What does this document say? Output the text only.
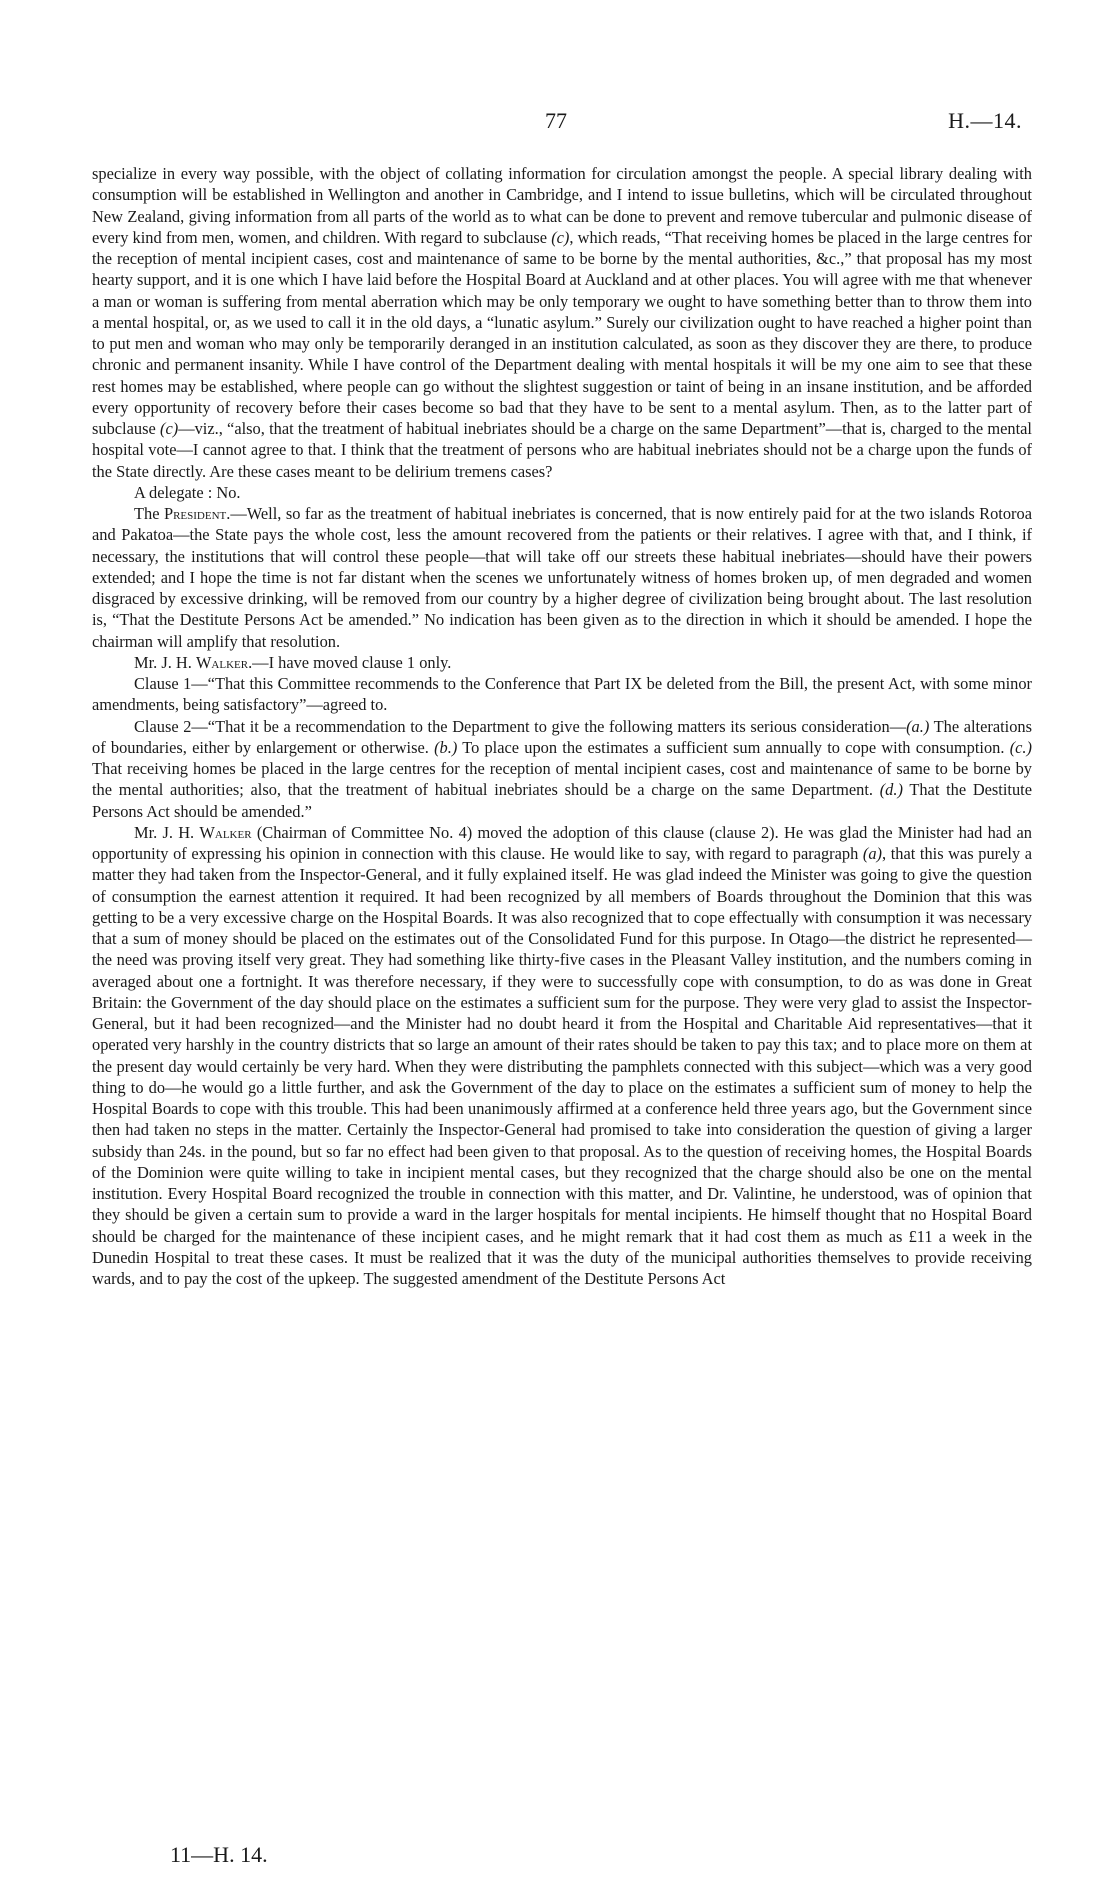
77	H.—14.

specialize in every way possible, with the object of collating information for circulation amongst the people. A special library dealing with consumption will be established in Wellington and another in Cambridge, and I intend to issue bulletins, which will be circulated throughout New Zealand, giving information from all parts of the world as to what can be done to prevent and remove tubercular and pulmonic disease of every kind from men, women, and children. With regard to subclause (c), which reads, “That receiving homes be placed in the large centres for the reception of mental incipient cases, cost and maintenance of same to be borne by the mental authorities, &c.,” that proposal has my most hearty support, and it is one which I have laid before the Hospital Board at Auckland and at other places. You will agree with me that whenever a man or woman is suffering from mental aberration which may be only temporary we ought to have something better than to throw them into a mental hospital, or, as we used to call it in the old days, a “lunatic asylum.” Surely our civilization ought to have reached a higher point than to put men and woman who may only be temporarily deranged in an institution calculated, as soon as they discover they are there, to produce chronic and permanent insanity. While I have control of the Department dealing with mental hospitals it will be my one aim to see that these rest homes may be established, where people can go without the slightest suggestion or taint of being in an insane institution, and be afforded every opportunity of recovery before their cases become so bad that they have to be sent to a mental asylum. Then, as to the latter part of subclause (c)—viz., “also, that the treatment of habitual inebriates should be a charge on the same Department”—that is, charged to the mental hospital vote—I cannot agree to that. I think that the treatment of persons who are habitual inebriates should not be a charge upon the funds of the State directly. Are these cases meant to be delirium tremens cases?

A delegate : No.

The President.—Well, so far as the treatment of habitual inebriates is concerned, that is now entirely paid for at the two islands Rotoroa and Pakatoa—the State pays the whole cost, less the amount recovered from the patients or their relatives. I agree with that, and I think, if necessary, the institutions that will control these people—that will take off our streets these habitual inebriates—should have their powers extended; and I hope the time is not far distant when the scenes we unfortunately witness of homes broken up, of men degraded and women disgraced by excessive drinking, will be removed from our country by a higher degree of civilization being brought about. The last resolution is, “That the Destitute Persons Act be amended.” No indication has been given as to the direction in which it should be amended. I hope the chairman will amplify that resolution.

Mr. J. H. Walker.—I have moved clause 1 only.

Clause 1—“That this Committee recommends to the Conference that Part IX be deleted from the Bill, the present Act, with some minor amendments, being satisfactory”—agreed to.

Clause 2—“That it be a recommendation to the Department to give the following matters its serious consideration—(a.) The alterations of boundaries, either by enlargement or otherwise. (b.) To place upon the estimates a sufficient sum annually to cope with consumption. (c.) That receiving homes be placed in the large centres for the reception of mental incipient cases, cost and maintenance of same to be borne by the mental authorities; also, that the treatment of habitual inebriates should be a charge on the same Department. (d.) That the Destitute Persons Act should be amended.”

Mr. J. H. Walker (Chairman of Committee No. 4) moved the adoption of this clause (clause 2). He was glad the Minister had had an opportunity of expressing his opinion in connection with this clause. He would like to say, with regard to paragraph (a), that this was purely a matter they had taken from the Inspector-General, and it fully explained itself. He was glad indeed the Minister was going to give the question of consumption the earnest attention it required. It had been recognized by all members of Boards throughout the Dominion that this was getting to be a very excessive charge on the Hospital Boards. It was also recognized that to cope effectually with consumption it was necessary that a sum of money should be placed on the estimates out of the Consolidated Fund for this purpose. In Otago—the district he represented—the need was proving itself very great. They had something like thirty-five cases in the Pleasant Valley institution, and the numbers coming in averaged about one a fortnight. It was therefore necessary, if they were to successfully cope with consumption, to do as was done in Great Britain: the Government of the day should place on the estimates a sufficient sum for the purpose. They were very glad to assist the Inspector-General, but it had been recognized—and the Minister had no doubt heard it from the Hospital and Charitable Aid representatives—that it operated very harshly in the country districts that so large an amount of their rates should be taken to pay this tax; and to place more on them at the present day would certainly be very hard. When they were distributing the pamphlets connected with this subject—which was a very good thing to do—he would go a little further, and ask the Government of the day to place on the estimates a sufficient sum of money to help the Hospital Boards to cope with this trouble. This had been unanimously affirmed at a conference held three years ago, but the Government since then had taken no steps in the matter. Certainly the Inspector-General had promised to take into consideration the question of giving a larger subsidy than 24s. in the pound, but so far no effect had been given to that proposal. As to the question of receiving homes, the Hospital Boards of the Dominion were quite willing to take in incipient mental cases, but they recognized that the charge should also be one on the mental institution. Every Hospital Board recognized the trouble in connection with this matter, and Dr. Valintine, he understood, was of opinion that they should be given a certain sum to provide a ward in the larger hospitals for mental incipients. He himself thought that no Hospital Board should be charged for the maintenance of these incipient cases, and he might remark that it had cost them as much as £11 a week in the Dunedin Hospital to treat these cases. It must be realized that it was the duty of the municipal authorities themselves to provide receiving wards, and to pay the cost of the upkeep. The suggested amendment of the Destitute Persons Act

11—H. 14.
